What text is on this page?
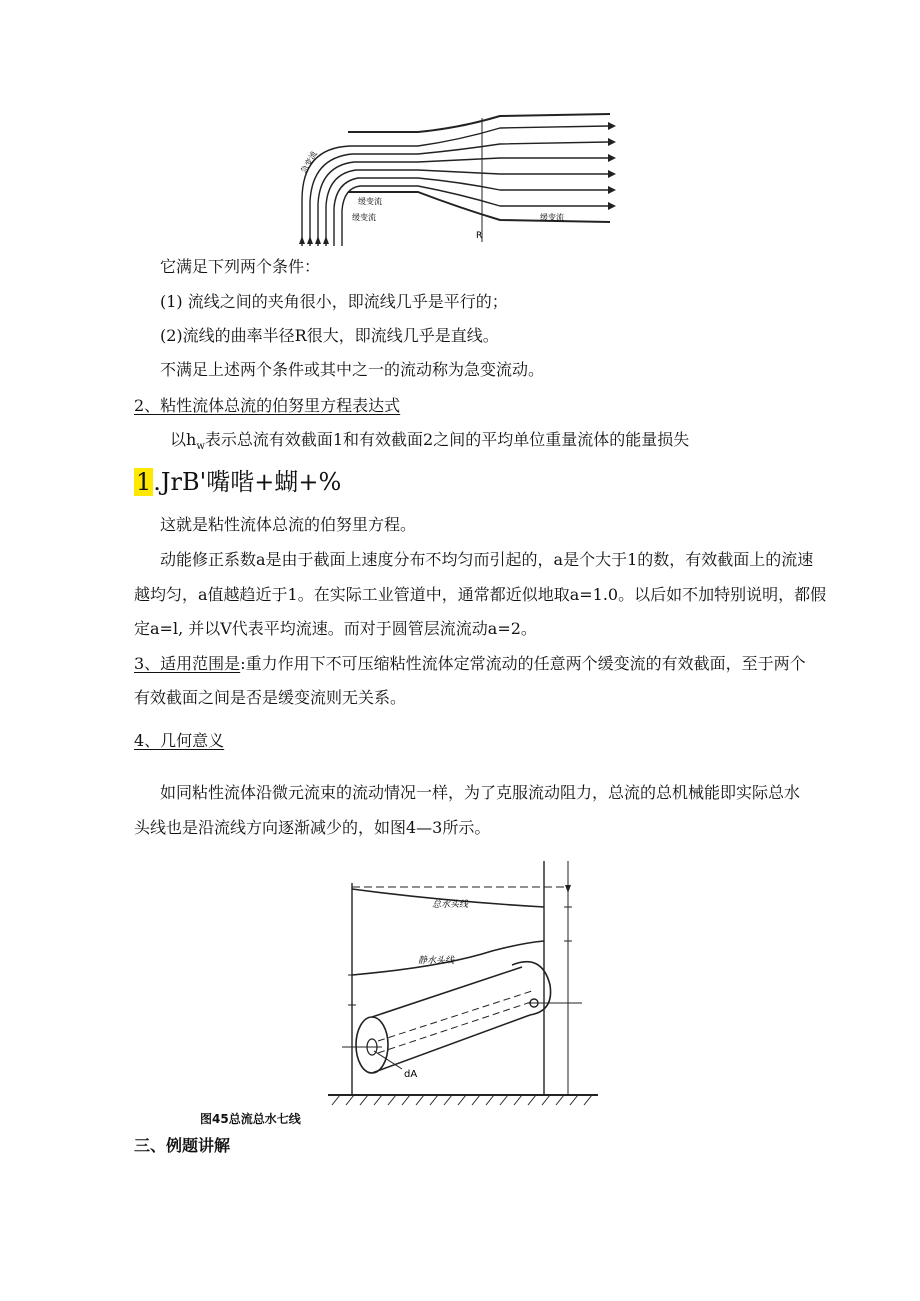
急变流
缓变流
缓变流	缓变流
R
它满足下列两个条件：
(1) 流线之间的夹角很小，即流线几乎是平行的；
(2)流线的曲率半径R很大，即流线几乎是直线。
不满足上述两个条件或其中之一的流动称为急变流动。
2、粘性流体总流的伯努里方程表达式
以$h_w$表示总流有效截面1和有效截面2之间的平均单位重量流体的能量损失
1.JrB'嘴喈+蝴+%
这就是粘性流体总流的伯努里方程。
动能修正系数a是由于截面上速度分布不均匀而引起的，a是个大于1的数，有效截面上的流速
越均匀，a值越趋近于1。在实际工业管道中，通常都近似地取a=1.0。以后如不加特别说明，都假
定a=l, 并以V代表平均流速。而对于圆管层流流动a=2。
3、适用范围是:重力作用下不可压缩粘性流体定常流动的任意两个缓变流的有效截面，至于两个
有效截面之间是否是缓变流则无关系。
4、几何意义
如同粘性流体沿微元流束的流动情况一样，为了克服流动阻力，总流的总机械能即实际总水
头线也是沿流线方向逐渐减少的，如图4—3所示。
总水头线
静水头线
dA
图45总流总水七线
三、例题讲解
